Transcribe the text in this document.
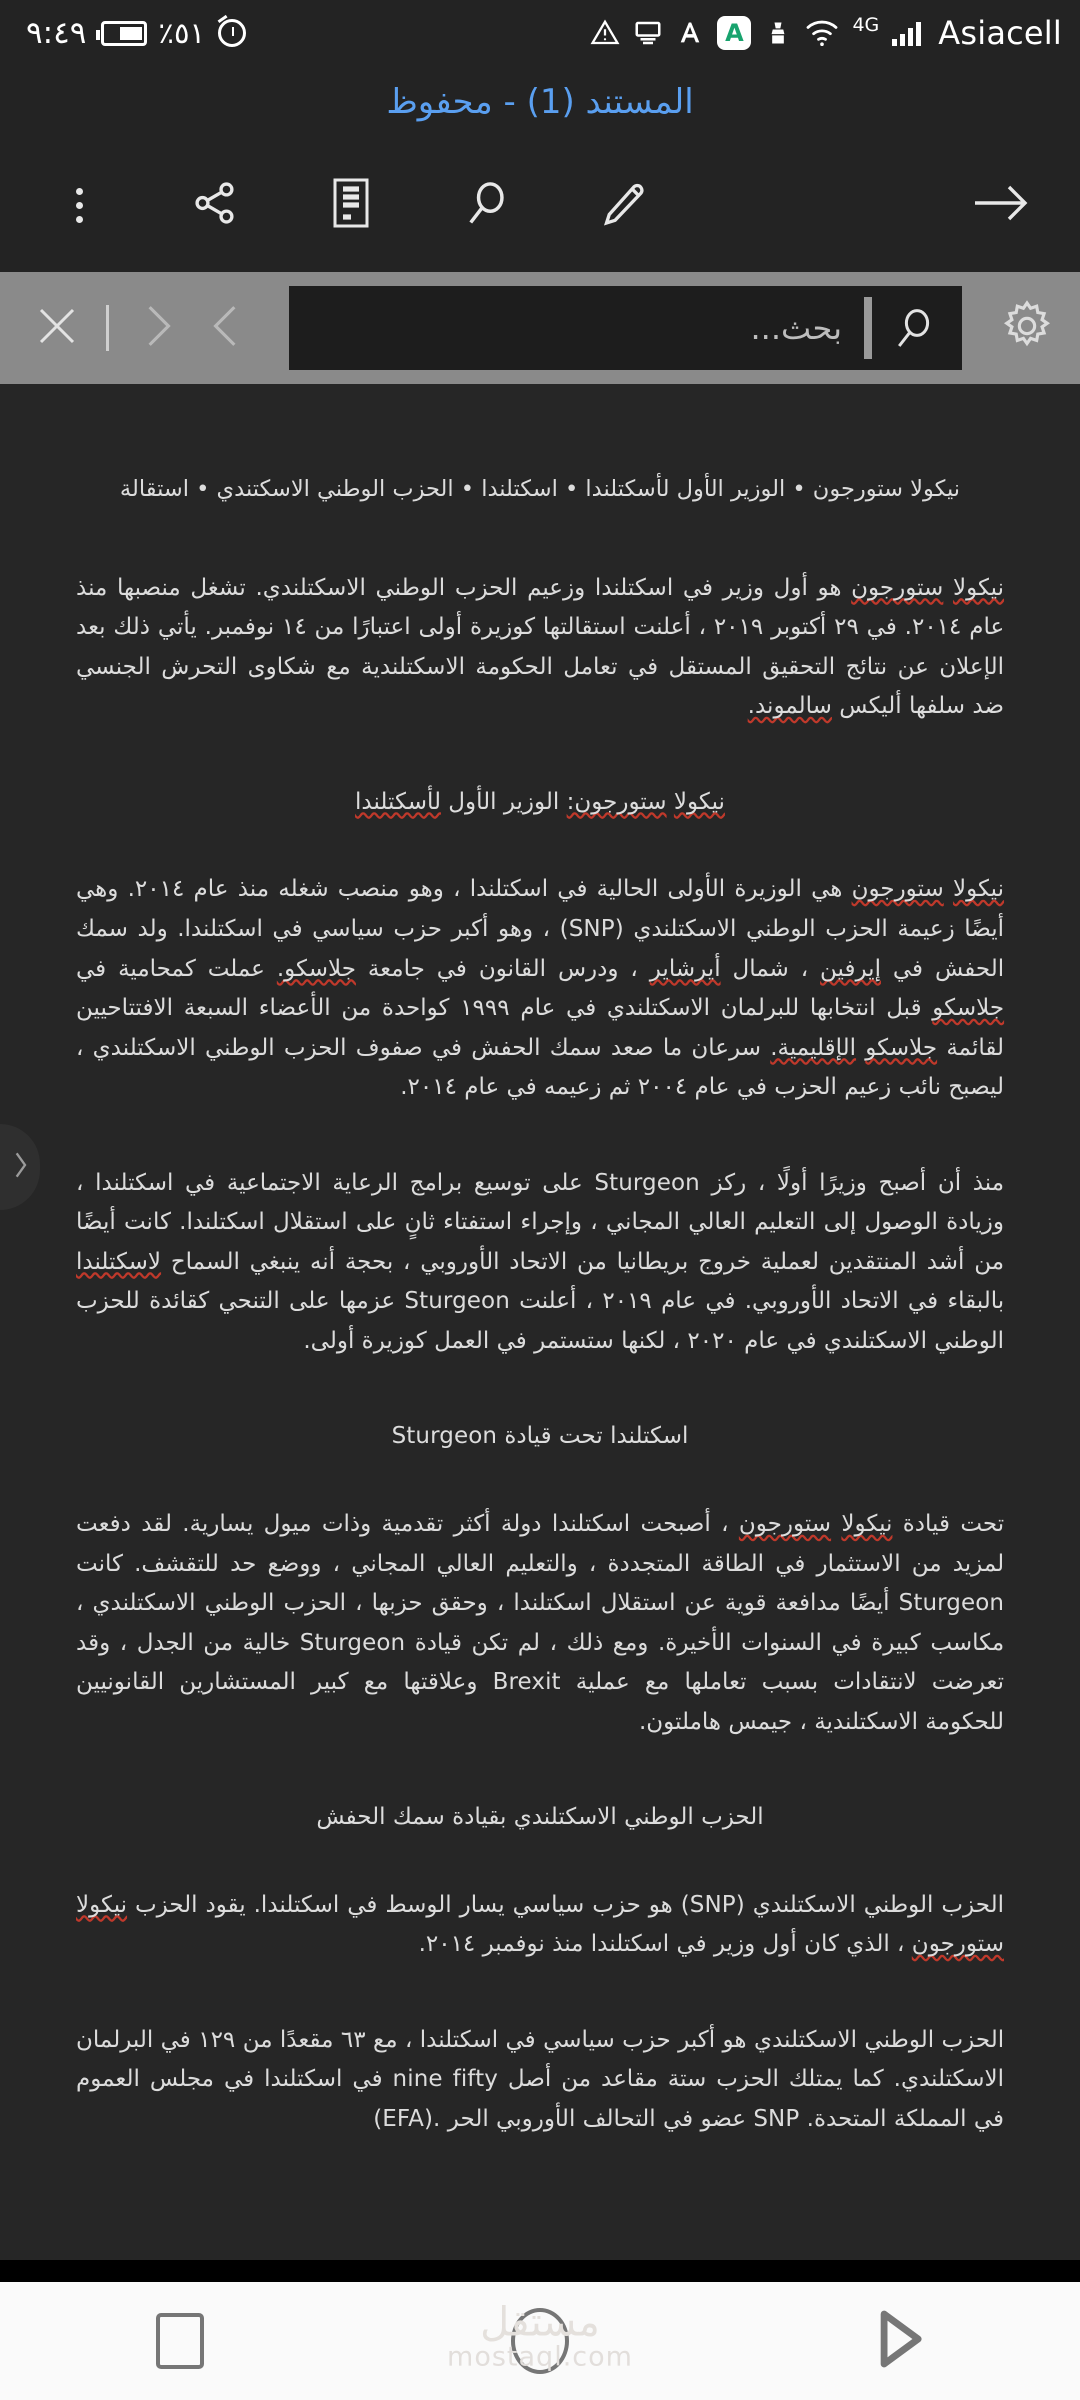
٩:٤٩ ٪٥١	A	4G Asiacell
المستند (1) - محفوظ
بحث...
نيكولا ستورجون • الوزير الأول لأسكتلندا • اسكتلندا • الحزب الوطني الاسكتندي • استقالة
نيكولا ستورجون هو أول وزير في اسكتلندا وزعيم الحزب الوطني الاسكتلندي. تشغل منصبها منذ عام ٢٠١٤. في ٢٩ أكتوبر ٢٠١٩ ، أعلنت استقالتها كوزيرة أولى اعتبارًا من ١٤ نوفمبر. يأتي ذلك بعد الإعلان عن نتائج التحقيق المستقل في تعامل الحكومة الاسكتلندية مع شكاوى التحرش الجنسي ضد سلفها أليكس سالموند.
نيكولا ستورجون: الوزير الأول لأسكتلندا
نيكولا ستورجون هي الوزيرة الأولى الحالية في اسكتلندا ، وهو منصب شغله منذ عام ٢٠١٤. وهي أيضًا زعيمة الحزب الوطني الاسكتلندي (SNP) ، وهو أكبر حزب سياسي في اسكتلندا. ولد سمك الحفش في إيرفين ، شمال أيرشاير ، ودرس القانون في جامعة جلاسكو. عملت كمحامية في جلاسكو قبل انتخابها للبرلمان الاسكتلندي في عام ١٩٩٩ كواحدة من الأعضاء السبعة الافتتاحيين لقائمة جلاسكو الإقليمية. سرعان ما صعد سمك الحفش في صفوف الحزب الوطني الاسكتلندي ، ليصبح نائب زعيم الحزب في عام ٢٠٠٤ ثم زعيمه في عام ٢٠١٤.
منذ أن أصبح وزيرًا أولًا ، ركز Sturgeon على توسيع برامج الرعاية الاجتماعية في اسكتلندا ، وزيادة الوصول إلى التعليم العالي المجاني ، وإجراء استفتاء ثانٍ على استقلال اسكتلندا. كانت أيضًا من أشد المنتقدين لعملية خروج بريطانيا من الاتحاد الأوروبي ، بحجة أنه ينبغي السماح لاسكتلندا بالبقاء في الاتحاد الأوروبي. في عام ٢٠١٩ ، أعلنت Sturgeon عزمها على التنحي كقائدة للحزب الوطني الاسكتلندي في عام ٢٠٢٠ ، لكنها ستستمر في العمل كوزيرة أولى.
اسكتلندا تحت قيادة Sturgeon
تحت قيادة نيكولا ستورجون ، أصبحت اسكتلندا دولة أكثر تقدمية وذات ميول يسارية. لقد دفعت لمزيد من الاستثمار في الطاقة المتجددة ، والتعليم العالي المجاني ، ووضع حد للتقشف. كانت Sturgeon أيضًا مدافعة قوية عن استقلال اسكتلندا ، وحقق حزبها ، الحزب الوطني الاسكتلندي ، مكاسب كبيرة في السنوات الأخيرة. ومع ذلك ، لم تكن قيادة Sturgeon خالية من الجدل ، وقد تعرضت لانتقادات بسبب تعاملها مع عملية Brexit وعلاقتها مع كبير المستشارين القانونيين للحكومة الاسكتلندية ، جيمس هاملتون.
الحزب الوطني الاسكتلندي بقيادة سمك الحفش
الحزب الوطني الاسكتلندي (SNP) هو حزب سياسي يسار الوسط في اسكتلندا. يقود الحزب نيكولا ستورجون ، الذي كان أول وزير في اسكتلندا منذ نوفمبر ٢٠١٤.
الحزب الوطني الاسكتلندي هو أكبر حزب سياسي في اسكتلندا ، مع ٦٣ مقعدًا من ١٢٩ في البرلمان الاسكتلندي. كما يمتلك الحزب ستة مقاعد من أصل fifty nine في اسكتلندا في مجلس العموم في المملكة المتحدة. SNP عضو في التحالف الأوروبي الحر (EFA).
مستقل
mostaql.com
